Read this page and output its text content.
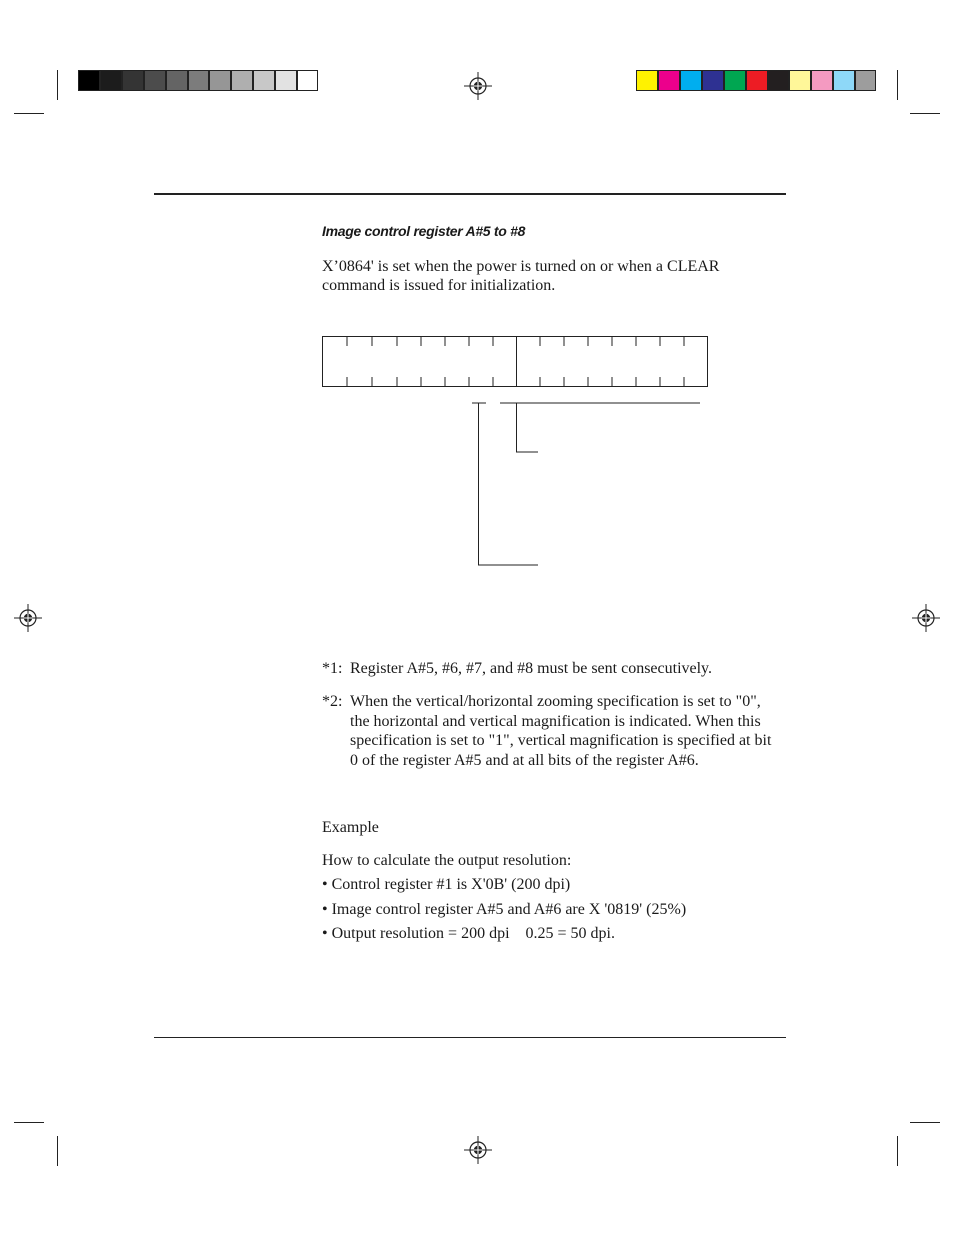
Image control register A#5 to #8
X’0864' is set when the power is turned on or when a CLEAR
command is issued for initialization.
*1: Register A#5, #6, #7, and #8 must be sent consecutively.
*2: When the vertical/horizontal zooming specification is set to "0",
the horizontal and vertical magnification is indicated. When this
specification is set to "1", vertical magnification is specified at bit
0 of the register A#5 and at all bits of the register A#6.
Example
How to calculate the output resolution:
• Control register #1 is X'0B' (200 dpi)
• Image control register A#5 and A#6 are X '0819' (25%)
• Output resolution = 200 dpi    0.25 = 50 dpi.
